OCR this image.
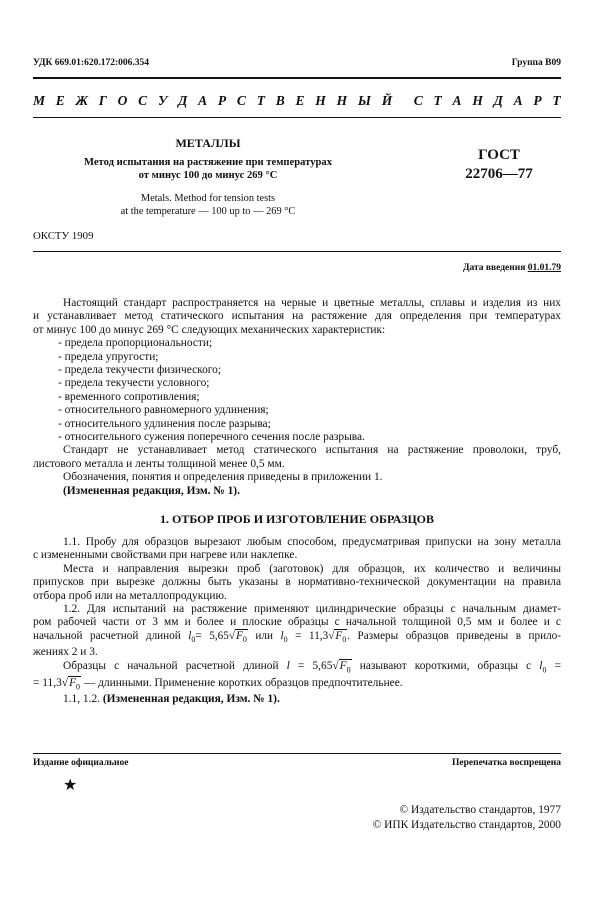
УДК 669.01:620.172:006.354	Группа В09
М Е Ж Г О С У Д А Р С Т В Е Н Н Ы Й С Т А Н Д А Р Т
МЕТАЛЛЫ
Метод испытания на растяжение при температурах
от минус 100 до минус 269 °С
Metals. Method for tension tests
at the temperature — 100 up to — 269 °С
ГОСТ
22706—77
ОКСТУ 1909
Дата введения 01.01.79

Настоящий стандарт распространяется на черные и цветные металлы, сплавы и изделия из них

и устанавливает метод статического испытания на растяжение для определения при температурах

от минус 100 до минус 269 °С следующих механических характеристик:

- предела пропорциональности;

- предела упругости;

- предела текучести физического;

- предела текучести условного;

- временного сопротивления;

- относительного равномерного удлинения;

- относительного удлинения после разрыва;

- относительного сужения поперечного сечения после разрыва.

Стандарт не устанавливает метод статического испытания на растяжение проволоки, труб,

листового металла и ленты толщиной менее 0,5 мм.

Обозначения, понятия и определения приведены в приложении 1.

(Измененная редакция, Изм. № 1).

1. ОТБОР ПРОБ И ИЗГОТОВЛЕНИЕ ОБРАЗЦОВ

1.1. Пробу для образцов вырезают любым способом, предусматривая припуски на зону металла

с измененными свойствами при нагреве или наклепке.

Места и направления вырезки проб (заготовок) для образцов, их количество и величины

припусков при вырезке должны быть указаны в нормативно-технической документации на правила

отбора проб или на металлопродукцию.

1.2. Для испытаний на растяжение применяют цилиндрические образцы с начальным диамет-

ром рабочей части от 3 мм и более и плоские образцы с начальной толщиной 0,5 мм и более и с

начальной расчетной длиной $l_0= 5,65√F_0$ или $l_0 = 11,3√F_0$. Размеры образцов приведены в прило-

жениях 2 и 3.

Образцы с начальной расчетной длиной $l = 5,65√F_0$ называют короткими, образцы с $l_0$ =

= $11,3√F_0$ — длинными. Применение коротких образцов предпочтительнее.

1.1, 1.2. (Измененная редакция, Изм. № 1).

Издание официальное	Перепечатка воспрещена
★
© Издательство стандартов, 1977
© ИПК Издательство стандартов, 2000
